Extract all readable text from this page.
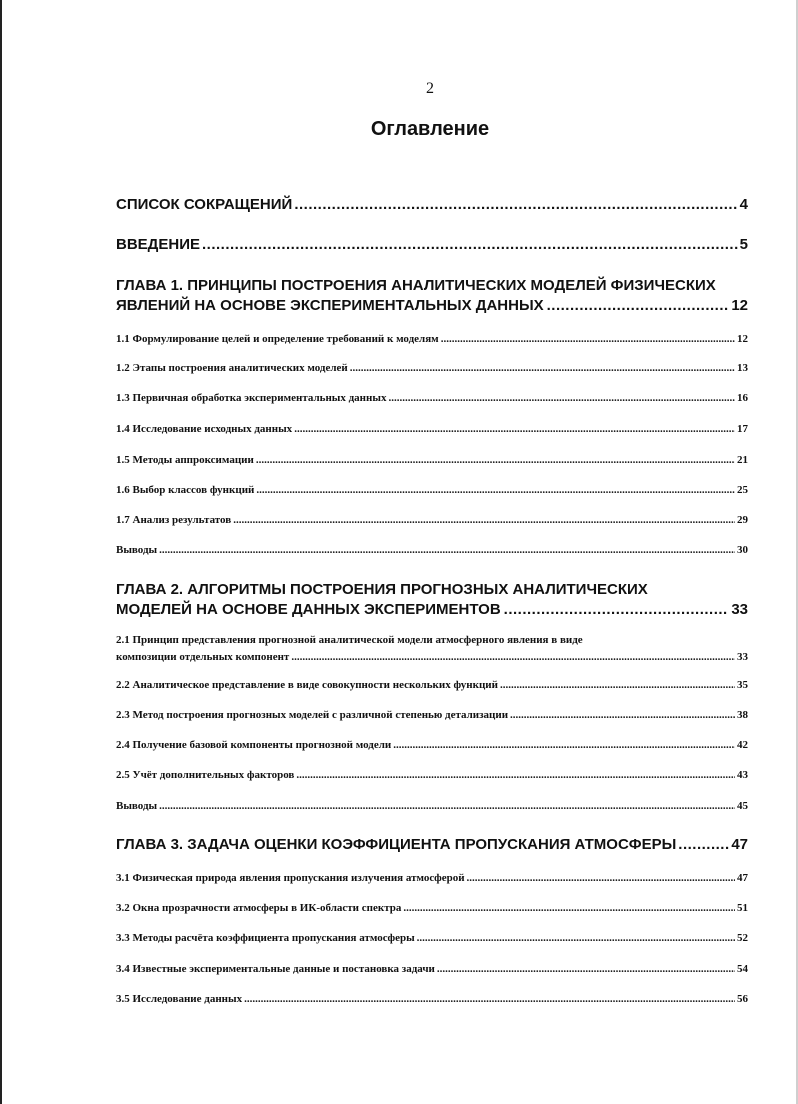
2
Оглавление
СПИСОК СОКРАЩЕНИЙ .....	4
ВВЕДЕНИЕ .....	5
ГЛАВА 1. ПРИНЦИПЫ ПОСТРОЕНИЯ АНАЛИТИЧЕСКИХ МОДЕЛЕЙ ФИЗИЧЕСКИХ
ЯВЛЕНИЙ НА ОСНОВЕ ЭКСПЕРИМЕНТАЛЬНЫХ ДАННЫХ .....	12
1.1 Формулирование целей и определение требований к моделям .....	12
1.2 Этапы построения аналитических моделей .....	13
1.3 Первичная обработка экспериментальных данных .....	16
1.4 Исследование исходных данных .....	17
1.5 Методы аппроксимации .....	21
1.6 Выбор классов функций .....	25
1.7 Анализ результатов .....	29
Выводы .....	30
ГЛАВА 2. АЛГОРИТМЫ ПОСТРОЕНИЯ ПРОГНОЗНЫХ АНАЛИТИЧЕСКИХ
МОДЕЛЕЙ НА ОСНОВЕ ДАННЫХ ЭКСПЕРИМЕНТОВ .....	33
2.1 Принцип представления прогнозной аналитической модели атмосферного явления в виде
композиции отдельных компонент .....	33
2.2 Аналитическое представление в виде совокупности нескольких функций .....	35
2.3 Метод построения прогнозных моделей с различной степенью детализации .....	38
2.4 Получение базовой компоненты прогнозной модели .....	42
2.5 Учёт дополнительных факторов .....	43
Выводы .....	45
ГЛАВА 3. ЗАДАЧА ОЦЕНКИ КОЭФФИЦИЕНТА ПРОПУСКАНИЯ АТМОСФЕРЫ .....	47
3.1 Физическая природа явления пропускания излучения атмосферой .....	47
3.2 Окна прозрачности атмосферы в ИК-области спектра .....	51
3.3 Методы расчёта коэффициента пропускания атмосферы .....	52
3.4 Известные экспериментальные данные и постановка задачи .....	54
3.5 Исследование данных .....	56
